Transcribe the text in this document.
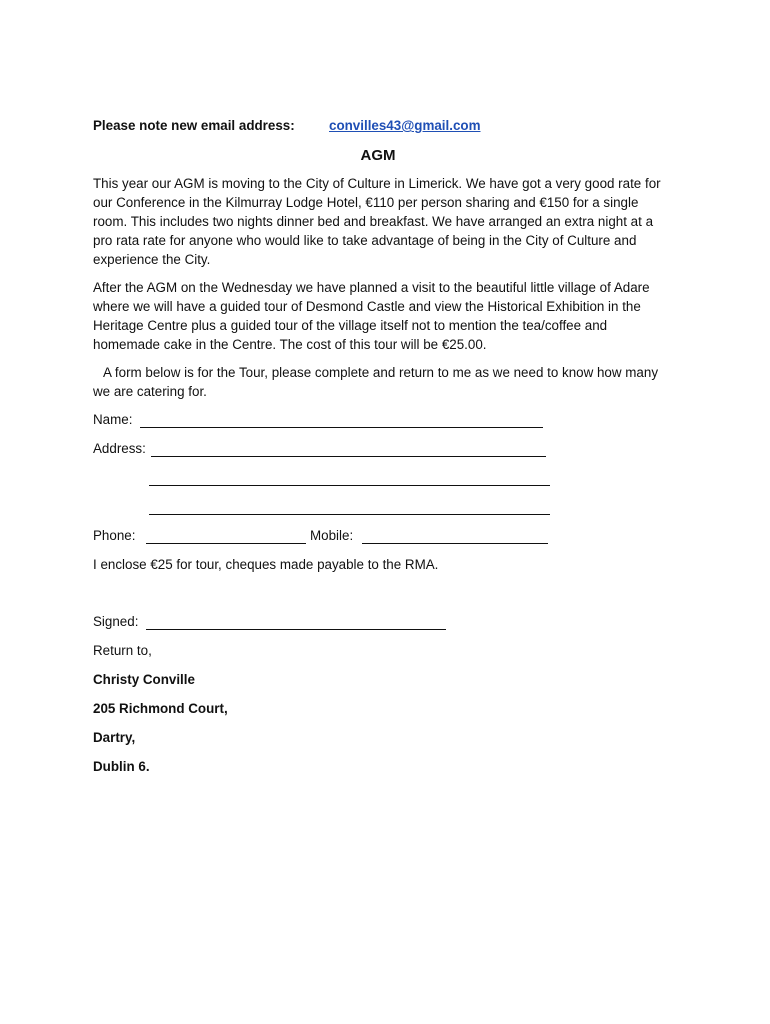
Please note new email address:	convilles43@gmail.com
AGM

This year our AGM is moving to the City of Culture in Limerick. We have got a very good rate for our Conference in the Kilmurray Lodge Hotel, €110 per person sharing and €150 for a single room. This includes two nights dinner bed and breakfast. We have arranged an extra night at a pro rata rate for anyone who would like to take advantage of being in the City of Culture and experience the City.

After the AGM on the Wednesday we have planned a visit to the beautiful little village of Adare where we will have a guided tour of Desmond Castle and view the Historical Exhibition in the Heritage Centre plus a guided tour of the village itself not to mention the tea/coffee and homemade cake in the Centre. The cost of this tour will be €25.00.

A form below is for the Tour, please complete and return to me as we need to know how many we are catering for.

Name:
Address:
Phone:	Mobile:

I enclose €25 for tour, cheques made payable to the RMA.

Signed:
Return to,
Christy Conville
205 Richmond Court,
Dartry,
Dublin 6.
